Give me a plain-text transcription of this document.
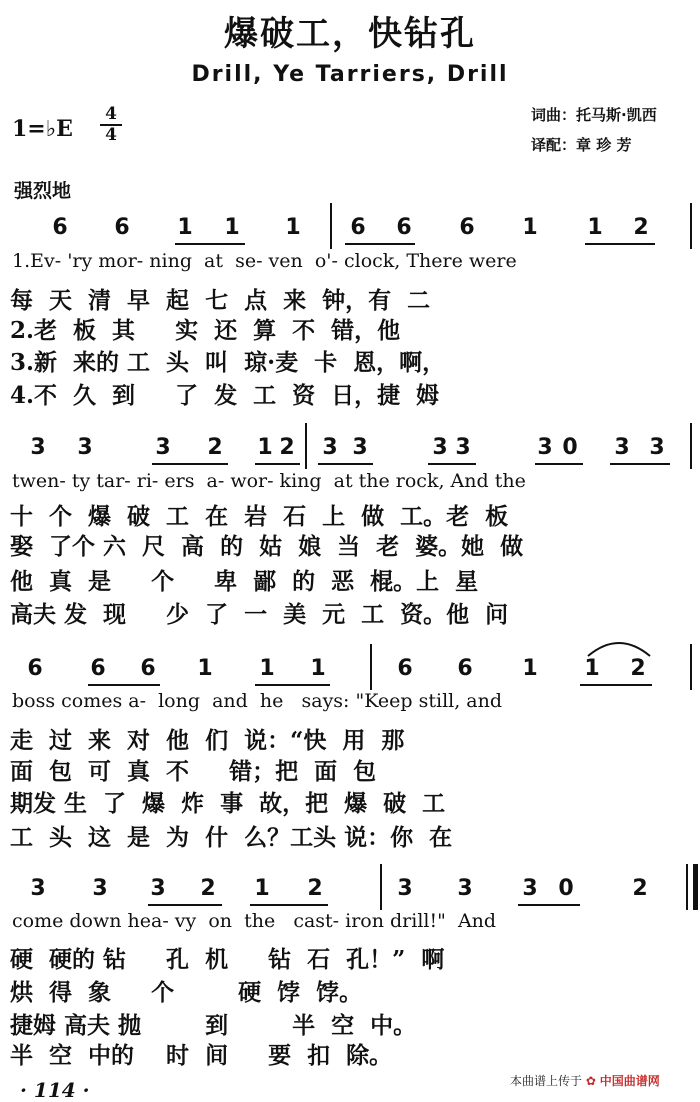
爆破工，快钻孔
Drill, Ye Tarriers, Drill
1=♭E
4
4
词曲：托马斯·凯西
译配：章 珍 芳
强烈地
6 6 1 1 1 6 6 6 1 1 2
1.Ev- 'ry mor- ning  at  se- ven  o'- clock, There were
每  天  清  早  起  七  点  来  钟，有  二
2.老  板  其     实  还  算  不  错，他
3.新  来的 工  头  叫  琼·麦  卡  恩，啊，
4.不  久  到     了  发  工  资  日，捷  姆
3 3	3 2 1 2 3 3	3 3	3 0 3 3
twen- ty tar- ri- ers  a- wor- king  at the rock, And the
十  个  爆  破  工  在  岩  石  上  做  工。老  板
娶  了个 六  尺  高  的  姑  娘  当  老  婆。她  做
他  真  是     个     卑  鄙  的  恶  棍。上  星
高夫 发  现     少  了  一  美  元  工  资。他  问
6 6 6 1 1 1	6 6 1 1 2
boss comes a-  long  and  he   says: "Keep still, and
走  过  来  对  他  们  说：“快  用  那
面  包  可  真  不     错；把  面  包
期发 生  了  爆  炸  事  故，把  爆  破  工
工  头  这  是  为  什  么？工头 说：你  在
3 3 3 2 1 2	3 3 3 0	2
come down hea- vy  on  the   cast- iron drill!"  And
硬  硬的 钻     孔  机     钻  石  孔！”  啊
烘  得  象     个        硬  饽  饽。
捷姆 高夫 抛        到        半  空  中。
半  空  中的    时  间     要  扣  除。
· 114 ·	本曲谱上传于 ✿ 中国曲谱网
